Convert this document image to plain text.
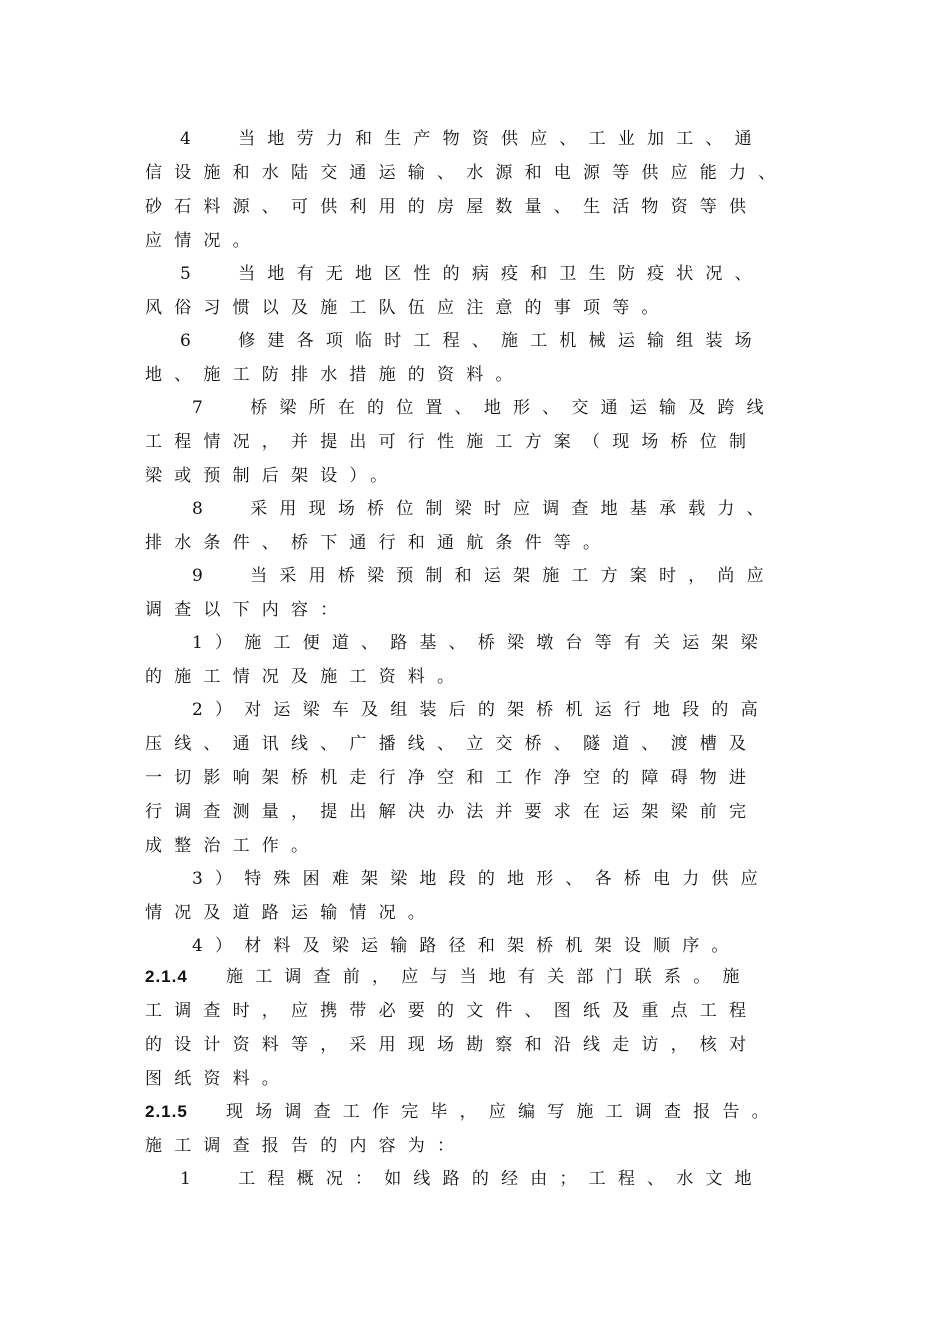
4  当地劳力和生产物资供应、工业加工、通

信设施和水陆交通运输、水源和电源等供应能力、

砂石料源、可供利用的房屋数量、生活物资等供

应情况。

5  当地有无地区性的病疫和卫生防疫状况、

风俗习惯以及施工队伍应注意的事项等。

6  修建各项临时工程、施工机械运输组装场

地、施工防排水措施的资料。

7  桥梁所在的位置、地形、交通运输及跨线

工程情况，并提出可行性施工方案（现场桥位制

梁或预制后架设）。

8  采用现场桥位制梁时应调查地基承载力、

排水条件、桥下通行和通航条件等。

9  当采用桥梁预制和运架施工方案时，尚应

调查以下内容：

1）施工便道、路基、桥梁墩台等有关运架梁

的施工情况及施工资料。

2）对运梁车及组装后的架桥机运行地段的高

压线、通讯线、广播线、立交桥、隧道、渡槽及

一切影响架桥机走行净空和工作净空的障碍物进

行调查测量，提出解决办法并要求在运架梁前完

成整治工作。

3）特殊困难架梁地段的地形、各桥电力供应

情况及道路运输情况。

4）材料及梁运输路径和架桥机架设顺序。

2.1.4 施工调查前，应与当地有关部门联系。施

工调查时，应携带必要的文件、图纸及重点工程

的设计资料等，采用现场勘察和沿线走访，核对

图纸资料。

2.1.5 现场调查工作完毕，应编写施工调查报告。

施工调查报告的内容为：

1  工程概况：如线路的经由；工程、水文地
